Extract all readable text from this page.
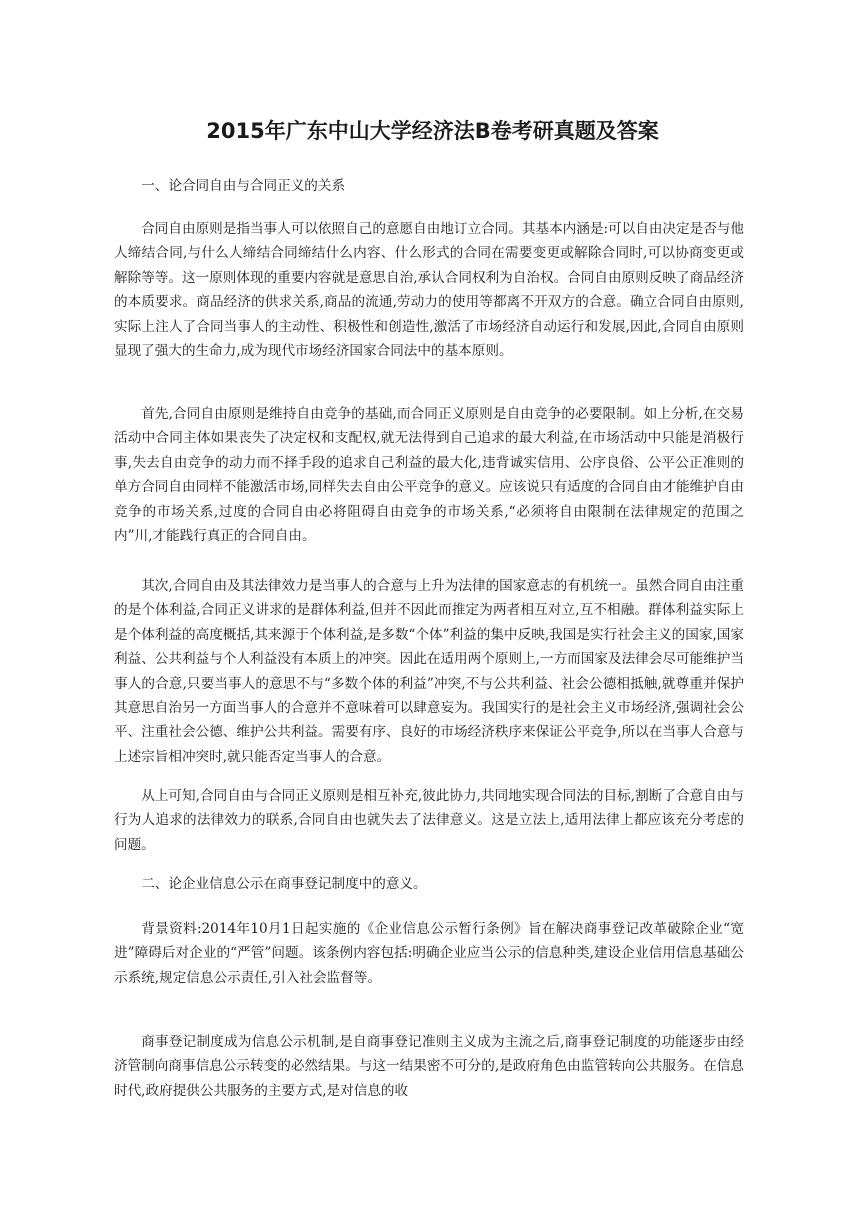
2015年广东中山大学经济法B卷考研真题及答案

一、论合同自由与合同正义的关系

合同自由原则是指当事人可以依照自己的意愿自由地订立合同。其基本内涵是:可以自由决定是否与他人缔结合同,与什么人缔结合同缔结什么内容、什么形式的合同在需要变更或解除合同时,可以协商变更或解除等等。这一原则体现的重要内容就是意思自治,承认合同权利为自治权。合同自由原则反映了商品经济的本质要求。商品经济的供求关系,商品的流通,劳动力的使用等都离不开双方的合意。确立合同自由原则,实际上注人了合同当事人的主动性、积极性和创造性,激活了市场经济自动运行和发展,因此,合同自由原则显现了强大的生命力,成为现代市场经济国家合同法中的基本原则。

首先,合同自由原则是维持自由竞争的基础,而合同正义原则是自由竞争的必要限制。如上分析,在交易活动中合同主体如果丧失了决定权和支配权,就无法得到自己追求的最大利益,在市场活动中只能是消极行事,失去自由竞争的动力而不择手段的追求自己利益的最大化,违背诚实信用、公序良俗、公平公正准则的单方合同自由同样不能激活市场,同样失去自由公平竞争的意义。应该说只有适度的合同自由才能维护自由竞争的市场关系,过度的合同自由必将阻碍自由竞争的市场关系,“必须将自由限制在法律规定的范围之内”川,才能践行真正的合同自由。

其次,合同自由及其法律效力是当事人的合意与上升为法律的国家意志的有机统一。虽然合同自由注重的是个体利益,合同正义讲求的是群体利益,但并不因此而推定为两者相互对立,互不相融。群体利益实际上是个体利益的高度概括,其来源于个体利益,是多数“个体”利益的集中反映,我国是实行社会主义的国家,国家利益、公共利益与个人利益没有本质上的冲突。因此在适用两个原则上,一方而国家及法律会尽可能维护当事人的合意,只要当事人的意思不与“多数个体的利益”冲突,不与公共利益、社会公德相抵触,就尊重并保护其意思自治另一方面当事人的合意并不意味着可以肆意妄为。我国实行的是社会主义市场经济,强调社会公平、注重社会公德、维护公共利益。需要有序、良好的市场经济秩序来保证公平竞争,所以在当事人合意与上述宗旨相冲突时,就只能否定当事人的合意。

从上可知,合同自由与合同正义原则是相互补充,彼此协力,共同地实现合同法的目标,割断了合意自由与行为人追求的法律效力的联系,合同自由也就失去了法律意义。这是立法上,适用法律上都应该充分考虑的问题。

二、论企业信息公示在商事登记制度中的意义。

背景资料:2014年10月1日起实施的《企业信息公示暂行条例》旨在解决商事登记改革破除企业“宽进”障碍后对企业的“严管”问题。该条例内容包括:明确企业应当公示的信息种类,建设企业信用信息基础公示系统,规定信息公示责任,引入社会监督等。

商事登记制度成为信息公示机制,是自商事登记准则主义成为主流之后,商事登记制度的功能逐步由经济管制向商事信息公示转变的必然结果。与这一结果密不可分的,是政府角色由监管转向公共服务。在信息时代,政府提供公共服务的主要方式,是对信息的收
